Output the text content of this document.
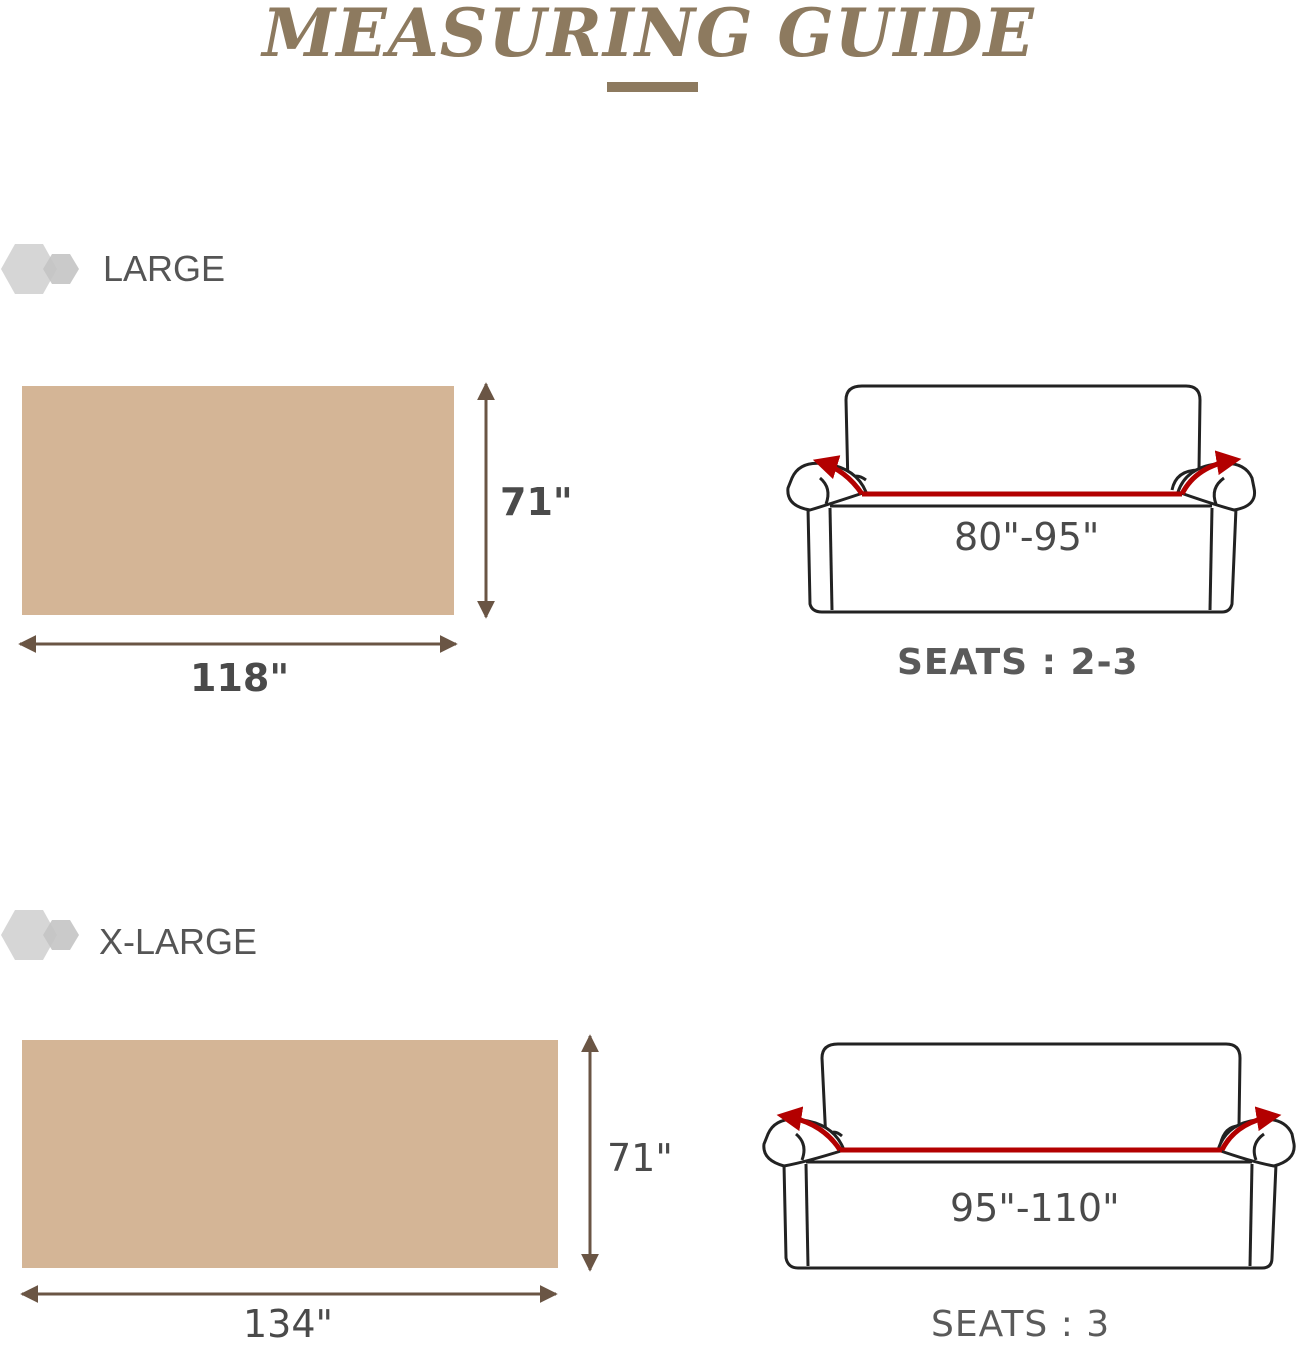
MEASURING GUIDE
LARGE
X-LARGE
71"
118"
80"-95"
SEATS : 2-3
71"
134"
95"-110"
SEATS : 3
